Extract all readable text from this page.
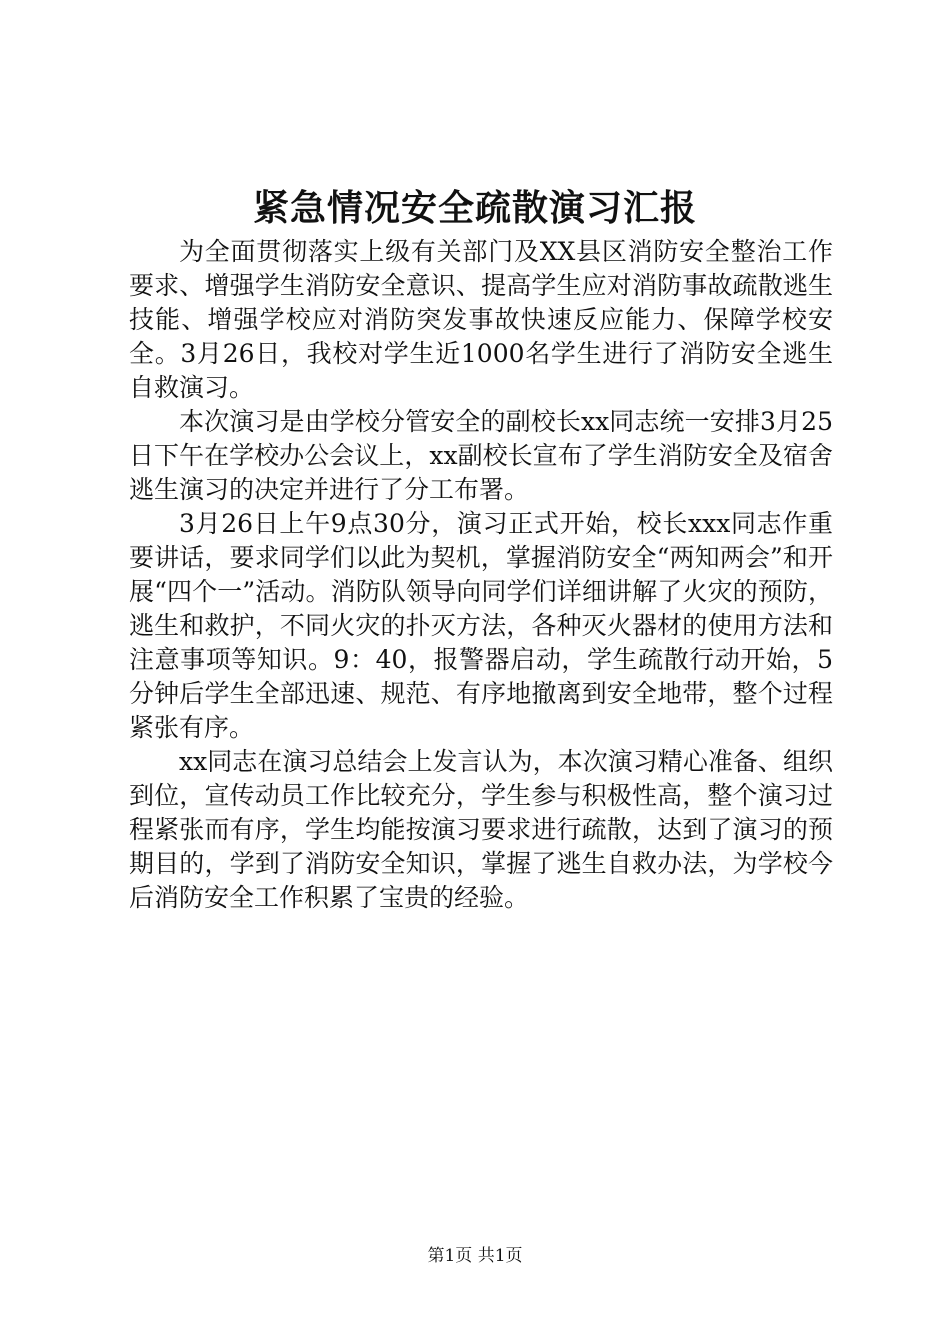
紧急情况安全疏散演习汇报

为全面贯彻落实上级有关部门及XX县区消防安全整治工作要求、增强学生消防安全意识、提高学生应对消防事故疏散逃生技能、增强学校应对消防突发事故快速反应能力、保障学校安全。3月26日，我校对学生近1000名学生进行了消防安全逃生自救演习。

本次演习是由学校分管安全的副校长xx同志统一安排3月25日下午在学校办公会议上，xx副校长宣布了学生消防安全及宿舍逃生演习的决定并进行了分工布署。

3月26日上午9点30分，演习正式开始，校长xxx同志作重要讲话，要求同学们以此为契机，掌握消防安全“两知两会”和开展“四个一”活动。消防队领导向同学们详细讲解了火灾的预防，逃生和救护，不同火灾的扑灭方法，各种灭火器材的使用方法和注意事项等知识。9：40，报警器启动，学生疏散行动开始，5分钟后学生全部迅速、规范、有序地撤离到安全地带，整个过程紧张有序。

xx同志在演习总结会上发言认为，本次演习精心准备、组织到位，宣传动员工作比较充分，学生参与积极性高，整个演习过程紧张而有序，学生均能按演习要求进行疏散，达到了演习的预期目的，学到了消防安全知识，掌握了逃生自救办法，为学校今后消防安全工作积累了宝贵的经验。

第1页 共1页
